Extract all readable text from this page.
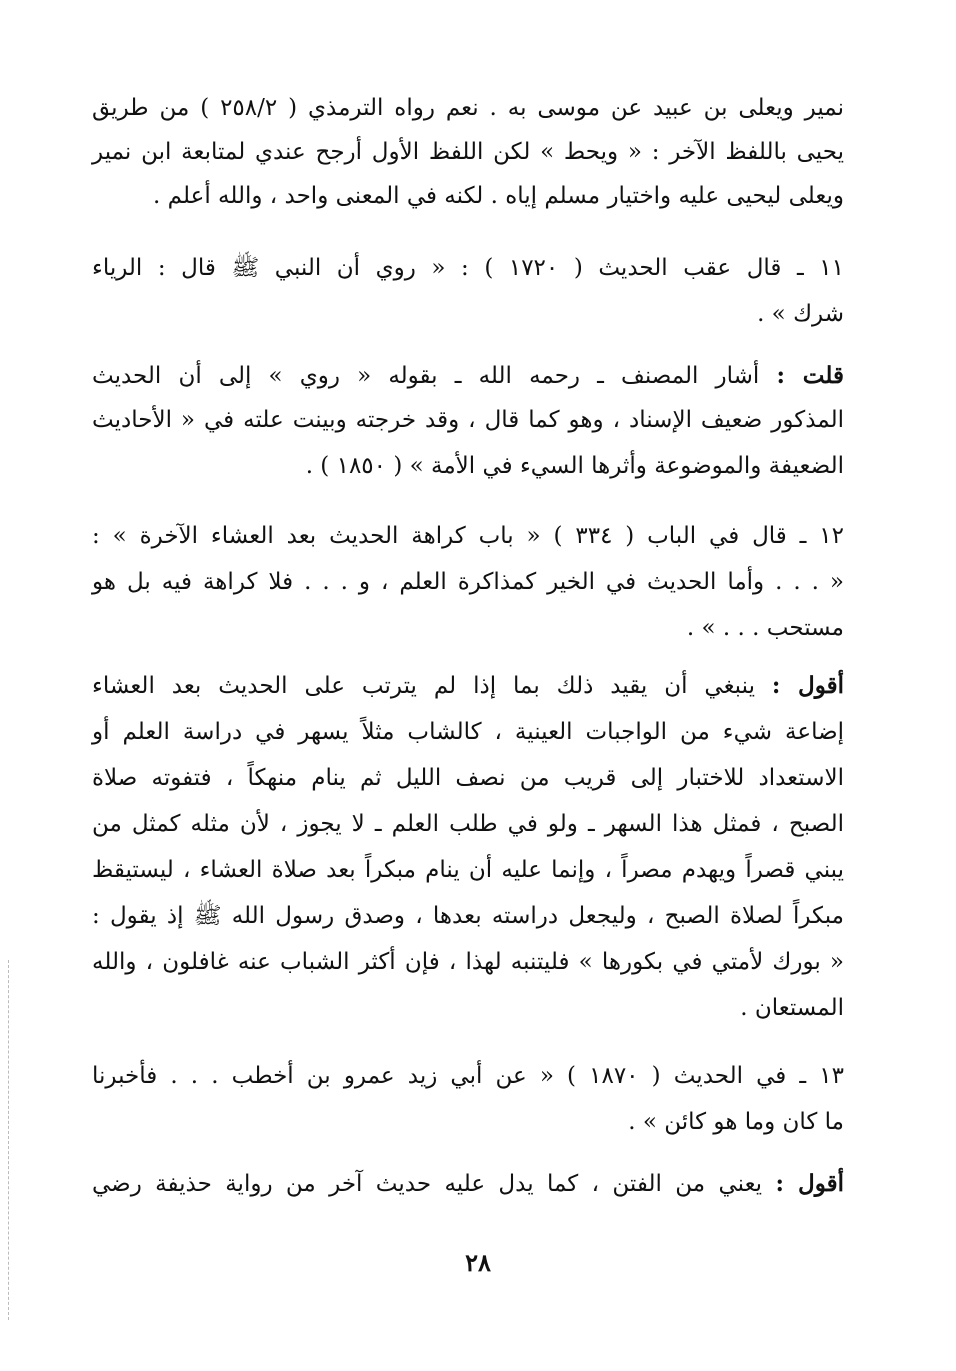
نمير ويعلى بن عبيد عن موسى به . نعم رواه الترمذي ( ٢٥٨/٢ ) من طريق
يحيى باللفظ الآخر : « ويحط » لكن اللفظ الأول أرجح عندي لمتابعة ابن نمير
ويعلى ليحيى عليه واختيار مسلم إياه . لكنه في المعنى واحد ، والله أعلم .
١١ ـ قال عقب الحديث ( ١٧٢٠ ) : « روي أن النبي ﷺ قال : الرياء
شرك » .
قلت : أشار المصنف ـ رحمه الله ـ بقوله « روي » إلى أن الحديث
المذكور ضعيف الإسناد ، وهو كما قال ، وقد خرجته وبينت علته في « الأحاديث
الضعيفة والموضوعة وأثرها السيء في الأمة » ( ١٨٥٠ ) .
١٢ ـ قال في الباب ( ٣٣٤ ) « باب كراهة الحديث بعد العشاء الآخرة » :
« . . . وأما الحديث في الخير كمذاكرة العلم ، و . . . فلا كراهة فيه بل هو
مستحب . . . » .
أقول : ينبغي أن يقيد ذلك بما إذا لم يترتب على الحديث بعد العشاء
إضاعة شيء من الواجبات العينية ، كالشاب مثلاً يسهر في دراسة العلم أو
الاستعداد للاختبار إلى قريب من نصف الليل ثم ينام منهكاً ، فتفوته صلاة
الصبح ، فمثل هذا السهر ـ ولو في طلب العلم ـ لا يجوز ، لأن مثله كمثل من
يبني قصراً ويهدم مصراً ، وإنما عليه أن ينام مبكراً بعد صلاة العشاء ، ليستيقظ
مبكراً لصلاة الصبح ، وليجعل دراسته بعدها ، وصدق رسول الله ﷺ إذ يقول :
« بورك لأمتي في بكورها » فليتنبه لهذا ، فإن أكثر الشباب عنه غافلون ، والله
المستعان .
١٣ ـ في الحديث ( ١٨٧٠ ) « عن أبي زيد عمرو بن أخطب . . . فأخبرنا
ما كان وما هو كائن » .
أقول : يعني من الفتن ، كما يدل عليه حديث آخر من رواية حذيفة رضي
٢٨
